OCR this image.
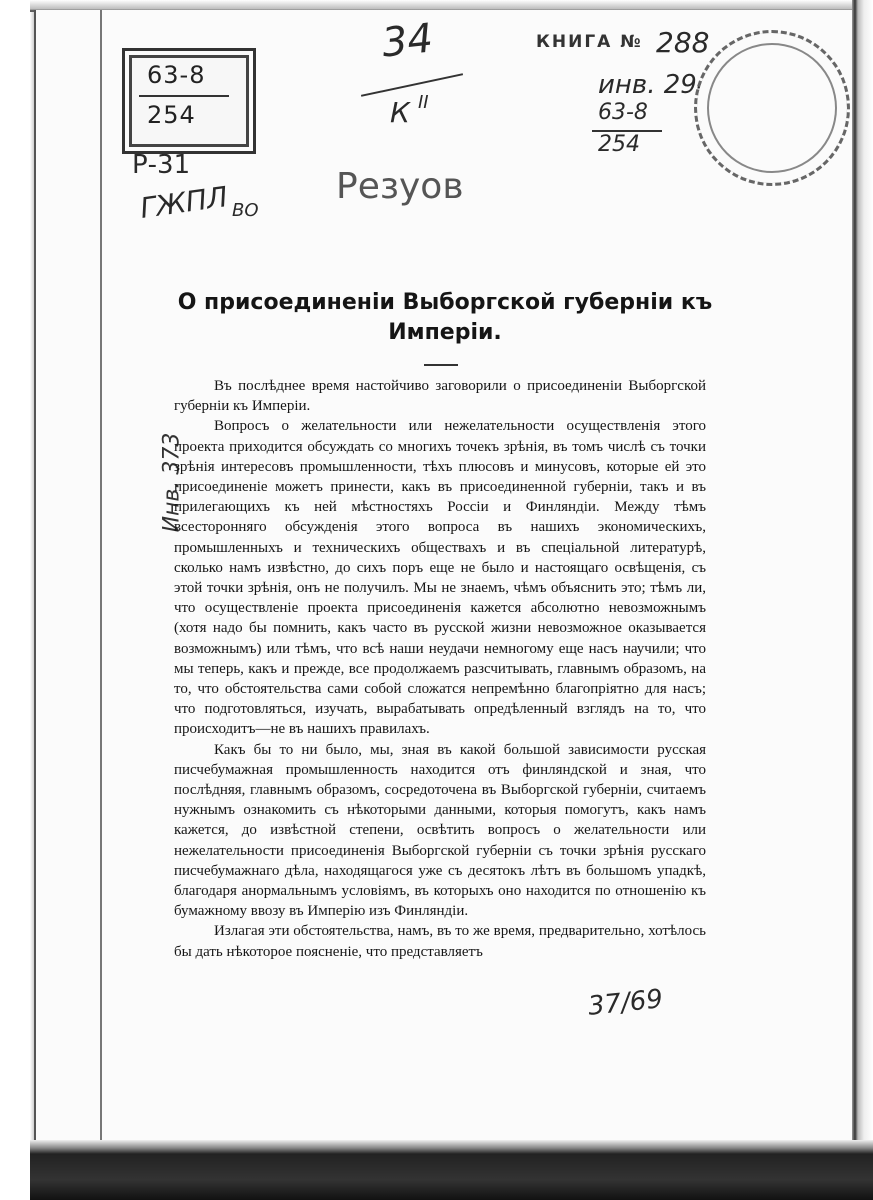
63-8
254
Р-31
ГЖПЛ ВО
34
К II
КНИГА № 288
инв. 294
63-8
254
Резуов
Инв. 373
О присоединенiи Выборгской губернiи къ Имперiи.

Въ послѣднее время настойчиво заговорили о присоединенiи Выборгской губернiи къ Имперiи.

Вопросъ о желательности или нежелательности осуществленiя этого проекта приходится обсуждать со многихъ точекъ зрѣнiя, въ томъ числѣ съ точки зрѣнiя интересовъ промышленности, тѣхъ плюсовъ и минусовъ, которые ей это присоединенiе можетъ принести, какъ въ присоединенной губернiи, такъ и въ прилегающихъ къ ней мѣстностяхъ Россiи и Финляндiи. Между тѣмъ всесторонняго обсужденiя этого вопроса въ нашихъ экономическихъ, промышленныхъ и техническихъ обществахъ и въ спецiальной литературѣ, сколько намъ извѣстно, до сихъ поръ еще не было и настоящаго освѣщенiя, съ этой точки зрѣнiя, онъ не получилъ. Мы не знаемъ, чѣмъ объяснить это; тѣмъ ли, что осуществленiе проекта присоединенiя кажется абсолютно невозможнымъ (хотя надо бы помнить, какъ часто въ русской жизни невозможное оказывается возможнымъ) или тѣмъ, что всѣ наши неудачи немногому еще насъ научили; что мы теперь, какъ и прежде, все продолжаемъ разсчитывать, главнымъ образомъ, на то, что обстоятельства сами собой сложатся непремѣнно благопрiятно для насъ; что подготовляться, изучать, вырабатывать опредѣленный взглядъ на то, что происходитъ—не въ нашихъ правилахъ.

Какъ бы то ни было, мы, зная въ какой большой зависимости русская писчебумажная промышленность находится отъ финляндской и зная, что послѣдняя, главнымъ образомъ, сосредоточена въ Выборгской губернiи, считаемъ нужнымъ ознакомить съ нѣкоторыми данными, которыя помогутъ, какъ намъ кажется, до извѣстной степени, освѣтить вопросъ о желательности или нежелательности присоединенiя Выборгской губернiи съ точки зрѣнiя русскаго писчебумажнаго дѣла, находящагося уже съ десятокъ лѣтъ въ большомъ упадкѣ, благодаря анормальнымъ условiямъ, въ которыхъ оно находится по отношенiю къ бумажному ввозу въ Имперiю изъ Финляндiи.

Излагая эти обстоятельства, намъ, въ то же время, предварительно, хотѣлось бы дать нѣкоторое поясненiе, что представляетъ

37/69
